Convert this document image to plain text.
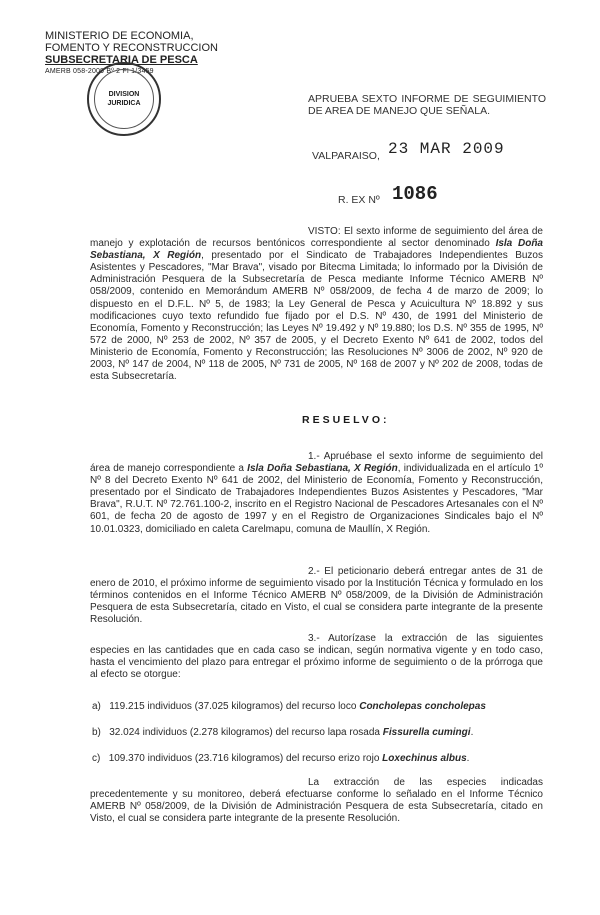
MINISTERIO DE ECONOMIA,
FOMENTO Y RECONSTRUCCION
SUBSECRETARIA DE PESCA
AMERB 058-2009 Bº 2 FI 1/3459
DIVISION
JURIDICA	APRUEBA SEXTO INFORME DE SEGUIMIENTO DE AREA DE MANEJO QUE SEÑALA.
VALPARAISO, 23 MAR 2009
R. EX Nº 1086
VISTO: El sexto informe de seguimiento del área de manejo y explotación de recursos bentónicos correspondiente al sector denominado Isla Doña Sebastiana, X Región, presentado por el Sindicato de Trabajadores Independientes Buzos Asistentes y Pescadores, "Mar Brava", visado por Bitecma Limitada; lo informado por la División de Administración Pesquera de la Subsecretaría de Pesca mediante Informe Técnico AMERB Nº 058/2009, contenido en Memorándum AMERB Nº 058/2009, de fecha 4 de marzo de 2009; lo dispuesto en el D.F.L. Nº 5, de 1983; la Ley General de Pesca y Acuicultura Nº 18.892 y sus modificaciones cuyo texto refundido fue fijado por el D.S. Nº 430, de 1991 del Ministerio de Economía, Fomento y Reconstrucción; las Leyes Nº 19.492 y Nº 19.880; los D.S. Nº 355 de 1995, Nº 572 de 2000, Nº 253 de 2002, Nº 357 de 2005, y el Decreto Exento Nº 641 de 2002, todos del Ministerio de Economía, Fomento y Reconstrucción; las Resoluciones Nº 3006 de 2002, Nº 920 de 2003, Nº 147 de 2004, Nº 118 de 2005, Nº 731 de 2005, Nº 168 de 2007 y Nº 202 de 2008, todas de esta Subsecretaría.
RESUELVO:
1.- Apruébase el sexto informe de seguimiento del área de manejo correspondiente a Isla Doña Sebastiana, X Región, individualizada en el artículo 1º Nº 8 del Decreto Exento Nº 641 de 2002, del Ministerio de Economía, Fomento y Reconstrucción, presentado por el Sindicato de Trabajadores Independientes Buzos Asistentes y Pescadores, "Mar Brava", R.U.T. Nº 72.761.100-2, inscrito en el Registro Nacional de Pescadores Artesanales con el Nº 601, de fecha 20 de agosto de 1997 y en el Registro de Organizaciones Sindicales bajo el Nº 10.01.0323, domiciliado en caleta Carelmapu, comuna de Maullín, X Región.
2.- El peticionario deberá entregar antes de 31 de enero de 2010, el próximo informe de seguimiento visado por la Institución Técnica y formulado en los términos contenidos en el Informe Técnico AMERB Nº 058/2009, de la División de Administración Pesquera de esta Subsecretaría, citado en Visto, el cual se considera parte integrante de la presente Resolución.
3.- Autorízase la extracción de las siguientes especies en las cantidades que en cada caso se indican, según normativa vigente y en todo caso, hasta el vencimiento del plazo para entregar el próximo informe de seguimiento o de la prórroga que al efecto se otorgue:
a) 119.215 individuos (37.025 kilogramos) del recurso loco Concholepas concholepas
b) 32.024 individuos (2.278 kilogramos) del recurso lapa rosada Fissurella cumingi.
c) 109.370 individuos (23.716 kilogramos) del recurso erizo rojo Loxechinus albus.
La extracción de las especies indicadas precedentemente y su monitoreo, deberá efectuarse conforme lo señalado en el Informe Técnico AMERB Nº 058/2009, de la División de Administración Pesquera de esta Subsecretaría, citado en Visto, el cual se considera parte integrante de la presente Resolución.
